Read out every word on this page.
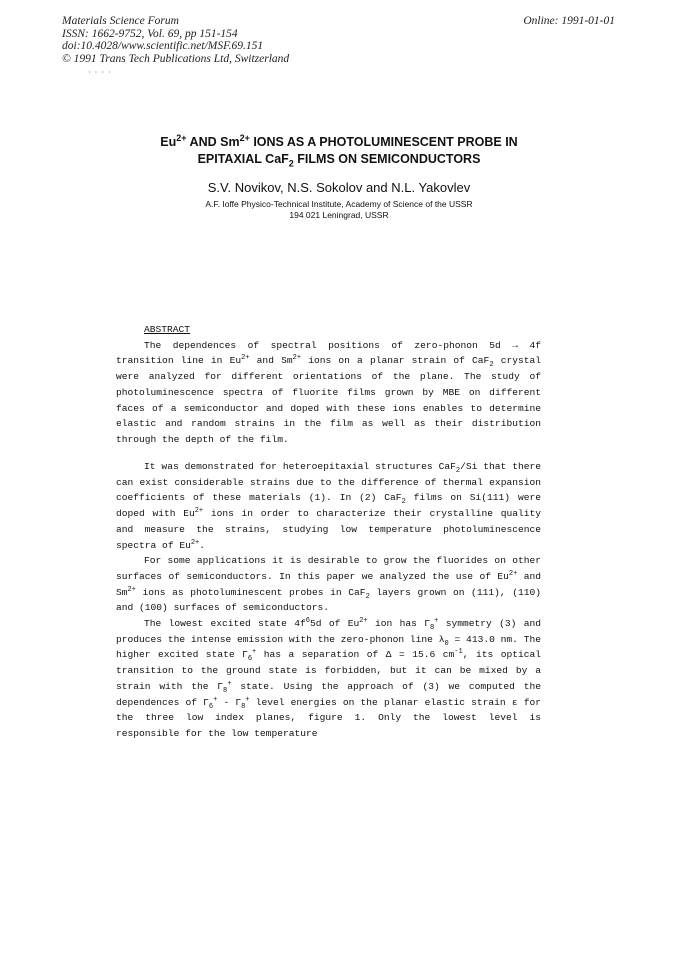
Materials Science Forum
ISSN: 1662-9752, Vol. 69, pp 151-154
doi:10.4028/www.scientific.net/MSF.69.151
© 1991 Trans Tech Publications Ltd, Switzerland
Online: 1991-01-01
· · · ·
$Eu^{2+}$ AND $Sm^{2+}$ IONS AS A PHOTOLUMINESCENT PROBE IN
EPITAXIAL CaF$_2$ FILMS ON SEMICONDUCTORS
S.V. Novikov, N.S. Sokolov and N.L. Yakovlev
A.F. Ioffe Physico-Technical Institute, Academy of Science of the USSR
194 021 Leningrad, USSR
ABSTRACT

The dependences of spectral positions of zero-phonon 5d → 4f transition line in $Eu^{2+}$ and $Sm^{2+}$ ions on a planar strain of CaF$_2$ crystal were analyzed for different orientations of the plane. The study of photoluminescence spectra of fluorite films grown by MBE on different faces of a semiconductor and doped with these ions enables to determine elastic and random strains in the film as well as their distribution through the depth of the film.

It was demonstrated for heteroepitaxial structures CaF$_2$/Si that there can exist considerable strains due to the difference of thermal expansion coefficients of these materials (1). In (2) CaF$_2$ films on Si(111) were doped with $Eu^{2+}$ ions in order to characterize their crystalline quality and measure the strains, studying low temperature photoluminescence spectra of $Eu^{2+}$.

For some applications it is desirable to grow the fluorides on other surfaces of semiconductors. In this paper we analyzed the use of $Eu^{2+}$ and $Sm^{2+}$ ions as photoluminescent probes in CaF$_2$ layers grown on (111), (110) and (100) surfaces of semiconductors.

The lowest excited state $4f^65d$ of $Eu^{2+}$ ion has $\Gamma_8^+$ symmetry (3) and produces the intense emission with the zero-phonon line $\lambda_0 = 413.0$ nm. The higher excited state $\Gamma_6^+$ has a separation of Δ = 15.6 $cm^{-1}$, its optical transition to the ground state is forbidden, but it can be mixed by a strain with the $\Gamma_8^+$ state. Using the approach of (3) we computed the dependences of $\Gamma_6^+ - \Gamma_8^+$ level energies on the planar elastic strain ε for the three low index planes, figure 1. Only the lowest level is responsible for the low temperature
